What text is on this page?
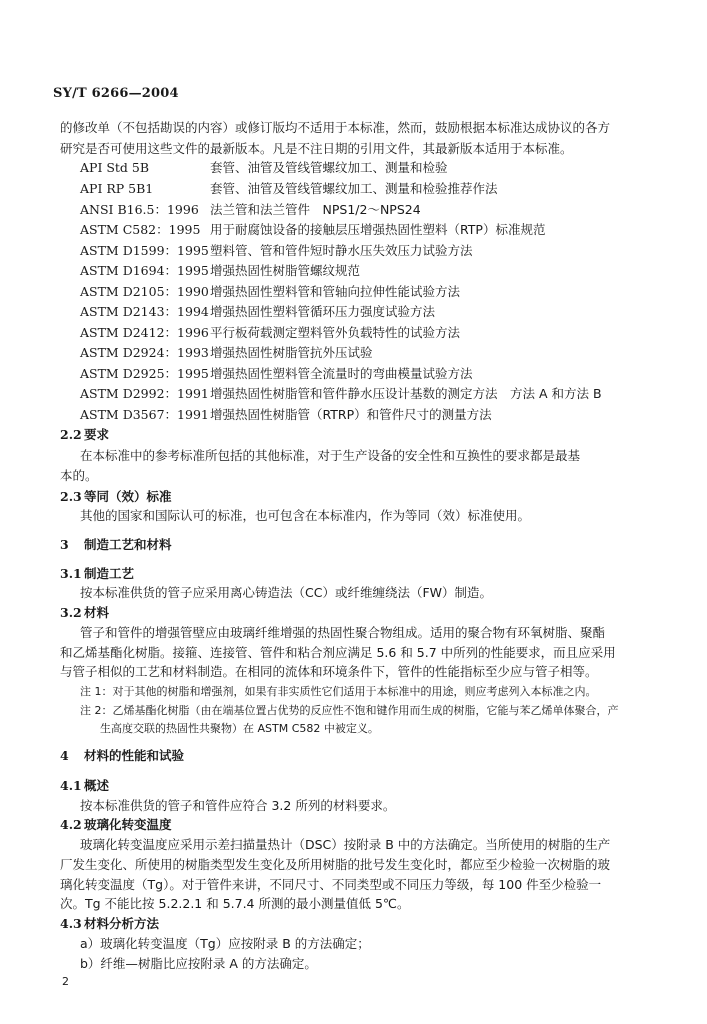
SY/T 6266—2004
的修改单（不包括勘误的内容）或修订版均不适用于本标准，然而，鼓励根据本标准达成协议的各方
研究是否可使用这些文件的最新版本。凡是不注日期的引用文件，其最新版本适用于本标准。
API Std 5B	套管、油管及管线管螺纹加工、测量和检验
API RP 5B1	套管、油管及管线管螺纹加工、测量和检验推荐作法
ANSI B16.5：1996 法兰管和法兰管件　NPS1/2～NPS24
ASTM C582：1995 用于耐腐蚀设备的接触层压增强热固性塑料（RTP）标准规范
ASTM D1599：1995塑料管、管和管件短时静水压失效压力试验方法
ASTM D1694：1995增强热固性树脂管螺纹规范
ASTM D2105：1990增强热固性塑料管和管轴向拉伸性能试验方法
ASTM D2143：1994增强热固性塑料管循环压力强度试验方法
ASTM D2412：1996平行板荷载测定塑料管外负载特性的试验方法
ASTM D2924：1993增强热固性树脂管抗外压试验
ASTM D2925：1995增强热固性塑料管全流量时的弯曲模量试验方法
ASTM D2992：1991增强热固性树脂管和管件静水压设计基数的测定方法　方法 A 和方法 B
ASTM D3567：1991增强热固性树脂管（RTRP）和管件尺寸的测量方法
2.2 要求
在本标准中的参考标准所包括的其他标准，对于生产设备的安全性和互换性的要求都是最基
本的。
2.3 等同（效）标准
其他的国家和国际认可的标准，也可包含在本标准内，作为等同（效）标准使用。
3 制造工艺和材料
3.1 制造工艺
按本标准供货的管子应采用离心铸造法（CC）或纤维缠绕法（FW）制造。
3.2 材料
管子和管件的增强管壁应由玻璃纤维增强的热固性聚合物组成。适用的聚合物有环氧树脂、聚酯
和乙烯基酯化树脂。接箍、连接管、管件和粘合剂应满足 5.6 和 5.7 中所列的性能要求，而且应采用
与管子相似的工艺和材料制造。在相同的流体和环境条件下，管件的性能指标至少应与管子相等。
注 1：对于其他的树脂和增强剂，如果有非实质性它们适用于本标准中的用途，则应考虑列入本标准之内。
注 2：乙烯基酯化树脂（由在端基位置占优势的反应性不饱和键作用而生成的树脂，它能与苯乙烯单体聚合，产
生高度交联的热固性共聚物）在 ASTM C582 中被定义。
4 材料的性能和试验
4.1 概述
按本标准供货的管子和管件应符合 3.2 所列的材料要求。
4.2 玻璃化转变温度
玻璃化转变温度应采用示差扫描量热计（DSC）按附录 B 中的方法确定。当所使用的树脂的生产
厂发生变化、所使用的树脂类型发生变化及所用树脂的批号发生变化时，都应至少检验一次树脂的玻
璃化转变温度（Tg）。对于管件来讲，不同尺寸、不同类型或不同压力等级，每 100 件至少检验一
次。Tg 不能比按 5.2.2.1 和 5.7.4 所测的最小测量值低 5℃。
4.3 材料分析方法
a）玻璃化转变温度（Tg）应按附录 B 的方法确定；
b）纤维—树脂比应按附录 A 的方法确定。
2
